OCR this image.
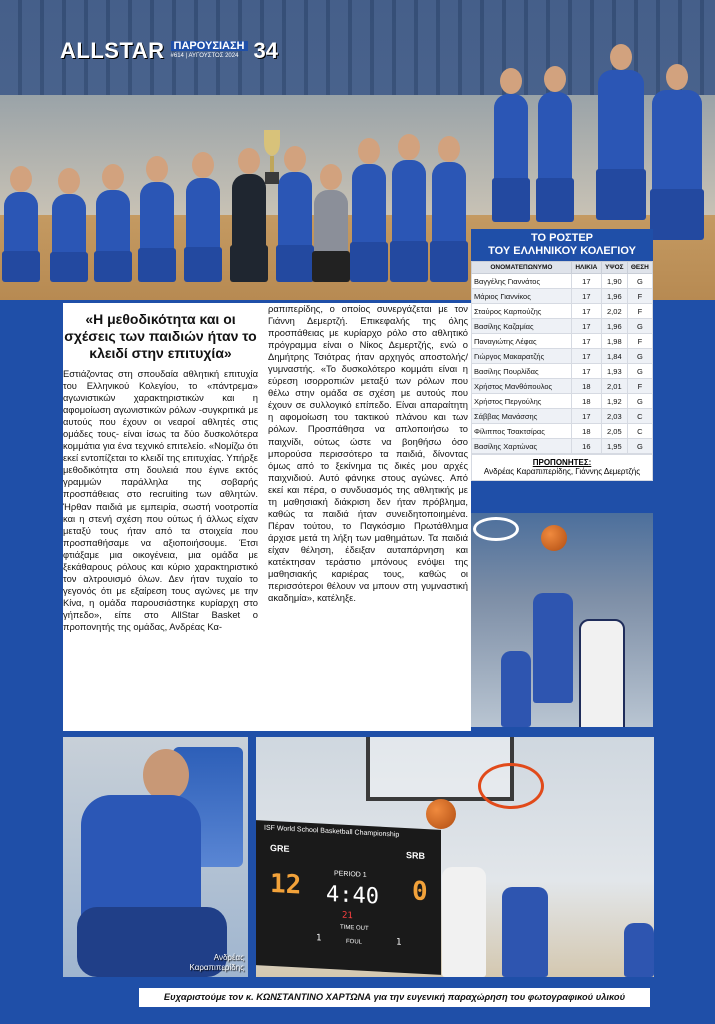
ALLSTAR ΠΑΡΟΥΣΙΑΣΗ
#614 | ΑΥΓΟΥΣΤΟΣ 2024 34
ΤΟ ΡΟΣΤΕΡ
ΤΟΥ ΕΛΛΗΝΙΚΟΥ ΚΟΛΕΓΙΟΥ
ΟΝΟΜΑΤΕΠΩΝΥΜΟ	ΗΛΙΚΙΑ	ΥΨΟΣ	ΘΕΣΗ
Βαγγέλης Γιαννάτος	17	1,90	G
Μάριος Γιαννίκος	17	1,96	F
Σταύρος Καρπούζης	17	2,02	F
Βασίλης Καζαμίας	17	1,96	G
Παναγιώτης Λέφας	17	1,98	F
Γιώργος Μακαρατζής	17	1,84	G
Βασίλης Πουρλίδας	17	1,93	G
Χρήστος Μανθόπουλος	18	2,01	F
Χρήστος Περγούλης	18	1,92	G
Σάββας Μανάσσης	17	2,03	C
Φίλιππος Τσακτσίρας	18	2,05	C
Βασίλης Χαρτώνας	16	1,95	G
ΠΡΟΠΟΝΗΤΕΣ:
Ανδρέας Καραπιπερίδης, Γιάννης Δεμερτζής
«Η μεθοδικότητα και οι σχέσεις των παιδιών ήταν το κλειδί στην επιτυχία»

Εστιάζοντας στη σπουδαία αθλητική επιτυχία του Ελληνικού Κολεγίου, το «πάντρεμα» αγωνιστικών χαρακτηριστικών και η αφομοίωση αγωνιστικών ρόλων -συγκριτικά με αυτούς που έχουν οι νεαροί αθλητές στις ομάδες τους- είναι ίσως τα δύο δυσκολότερα κομμάτια για ένα τεχνικό επιτελείο. «Νομίζω ότι εκεί εντοπίζεται το κλειδί της επιτυχίας. Υπήρξε μεθοδικότητα στη δουλειά που έγινε εκτός γραμμών παράλληλα της σοβαρής προσπάθειας στο recruiting των αθλητών. Ήρθαν παιδιά με εμπειρία, σωστή νοοτροπία και η στενή σχέση που ούτως ή άλλως είχαν μεταξύ τους ήταν από τα στοιχεία που προσπαθήσαμε να αξιοποιήσουμε. Έτσι φτιάξαμε μια οικογένεια, μια ομάδα με ξεκάθαρους ρόλους και κύριο χαρακτηριστικό τον αλτρουισμό όλων. Δεν ήταν τυχαίο το γεγονός ότι με εξαίρεση τους αγώνες με την Κίνα, η ομάδα παρουσιάστηκε κυρίαρχη στο γήπεδο», είπε στο AllStar Basket ο προπονητής της ομάδας, Ανδρέας Κα-

ραπιπερίδης, ο οποίος συνεργάζεται με τον Γιάννη Δεμερτζή. Επικεφαλής της όλης προσπάθειας με κυρίαρχο ρόλο στο αθλητικό πρόγραμμα είναι ο Νίκος Δεμερτζής, ενώ ο Δημήτρης Τσιότρας ήταν αρχηγός αποστολής/γυμναστής. «Το δυσκολότερο κομμάτι είναι η εύρεση ισορροπιών μεταξύ των ρόλων που θέλω στην ομάδα σε σχέση με αυτούς που έχουν σε συλλογικό επίπεδο. Είναι απαραίτητη η αφομοίωση του τακτικού πλάνου και των ρόλων. Προσπάθησα να απλοποιήσω το παιχνίδι, ούτως ώστε να βοηθήσω όσο μπορούσα περισσότερο τα παιδιά, δίνοντας όμως από το ξεκίνημα τις δικές μου αρχές παιχνιδιού. Αυτό φάνηκε στους αγώνες. Από εκεί και πέρα, ο συνδυασμός της αθλητικής με τη μαθησιακή διάκριση δεν ήταν πρόβλημα, καθώς τα παιδιά ήταν συνειδητοποιημένα. Πέραν τούτου, το Παγκόσμιο Πρωτάθλημα άρχισε μετά τη λήξη των μαθημάτων. Τα παιδιά είχαν θέληση, έδειξαν αυταπάρνηση και κατέκτησαν τεράστιο μπόνους ενόψει της μαθησιακής καριέρας τους, καθώς οι περισσότεροι θέλουν να μπουν στη γυμναστική ακαδημία», κατέληξε.

Ανδρέας
Καραπιπερίδης
ISF World School Basketball Championship
GRE
SRB
12	0
PERIOD 1
4:40
21
TIME OUT
1	FOUL	1
Ευχαριστούμε τον κ. ΚΩΝΣΤΑΝΤΙΝΟ ΧΑΡΤΩΝΑ για την ευγενική παραχώρηση του φωτογραφικού υλικού
